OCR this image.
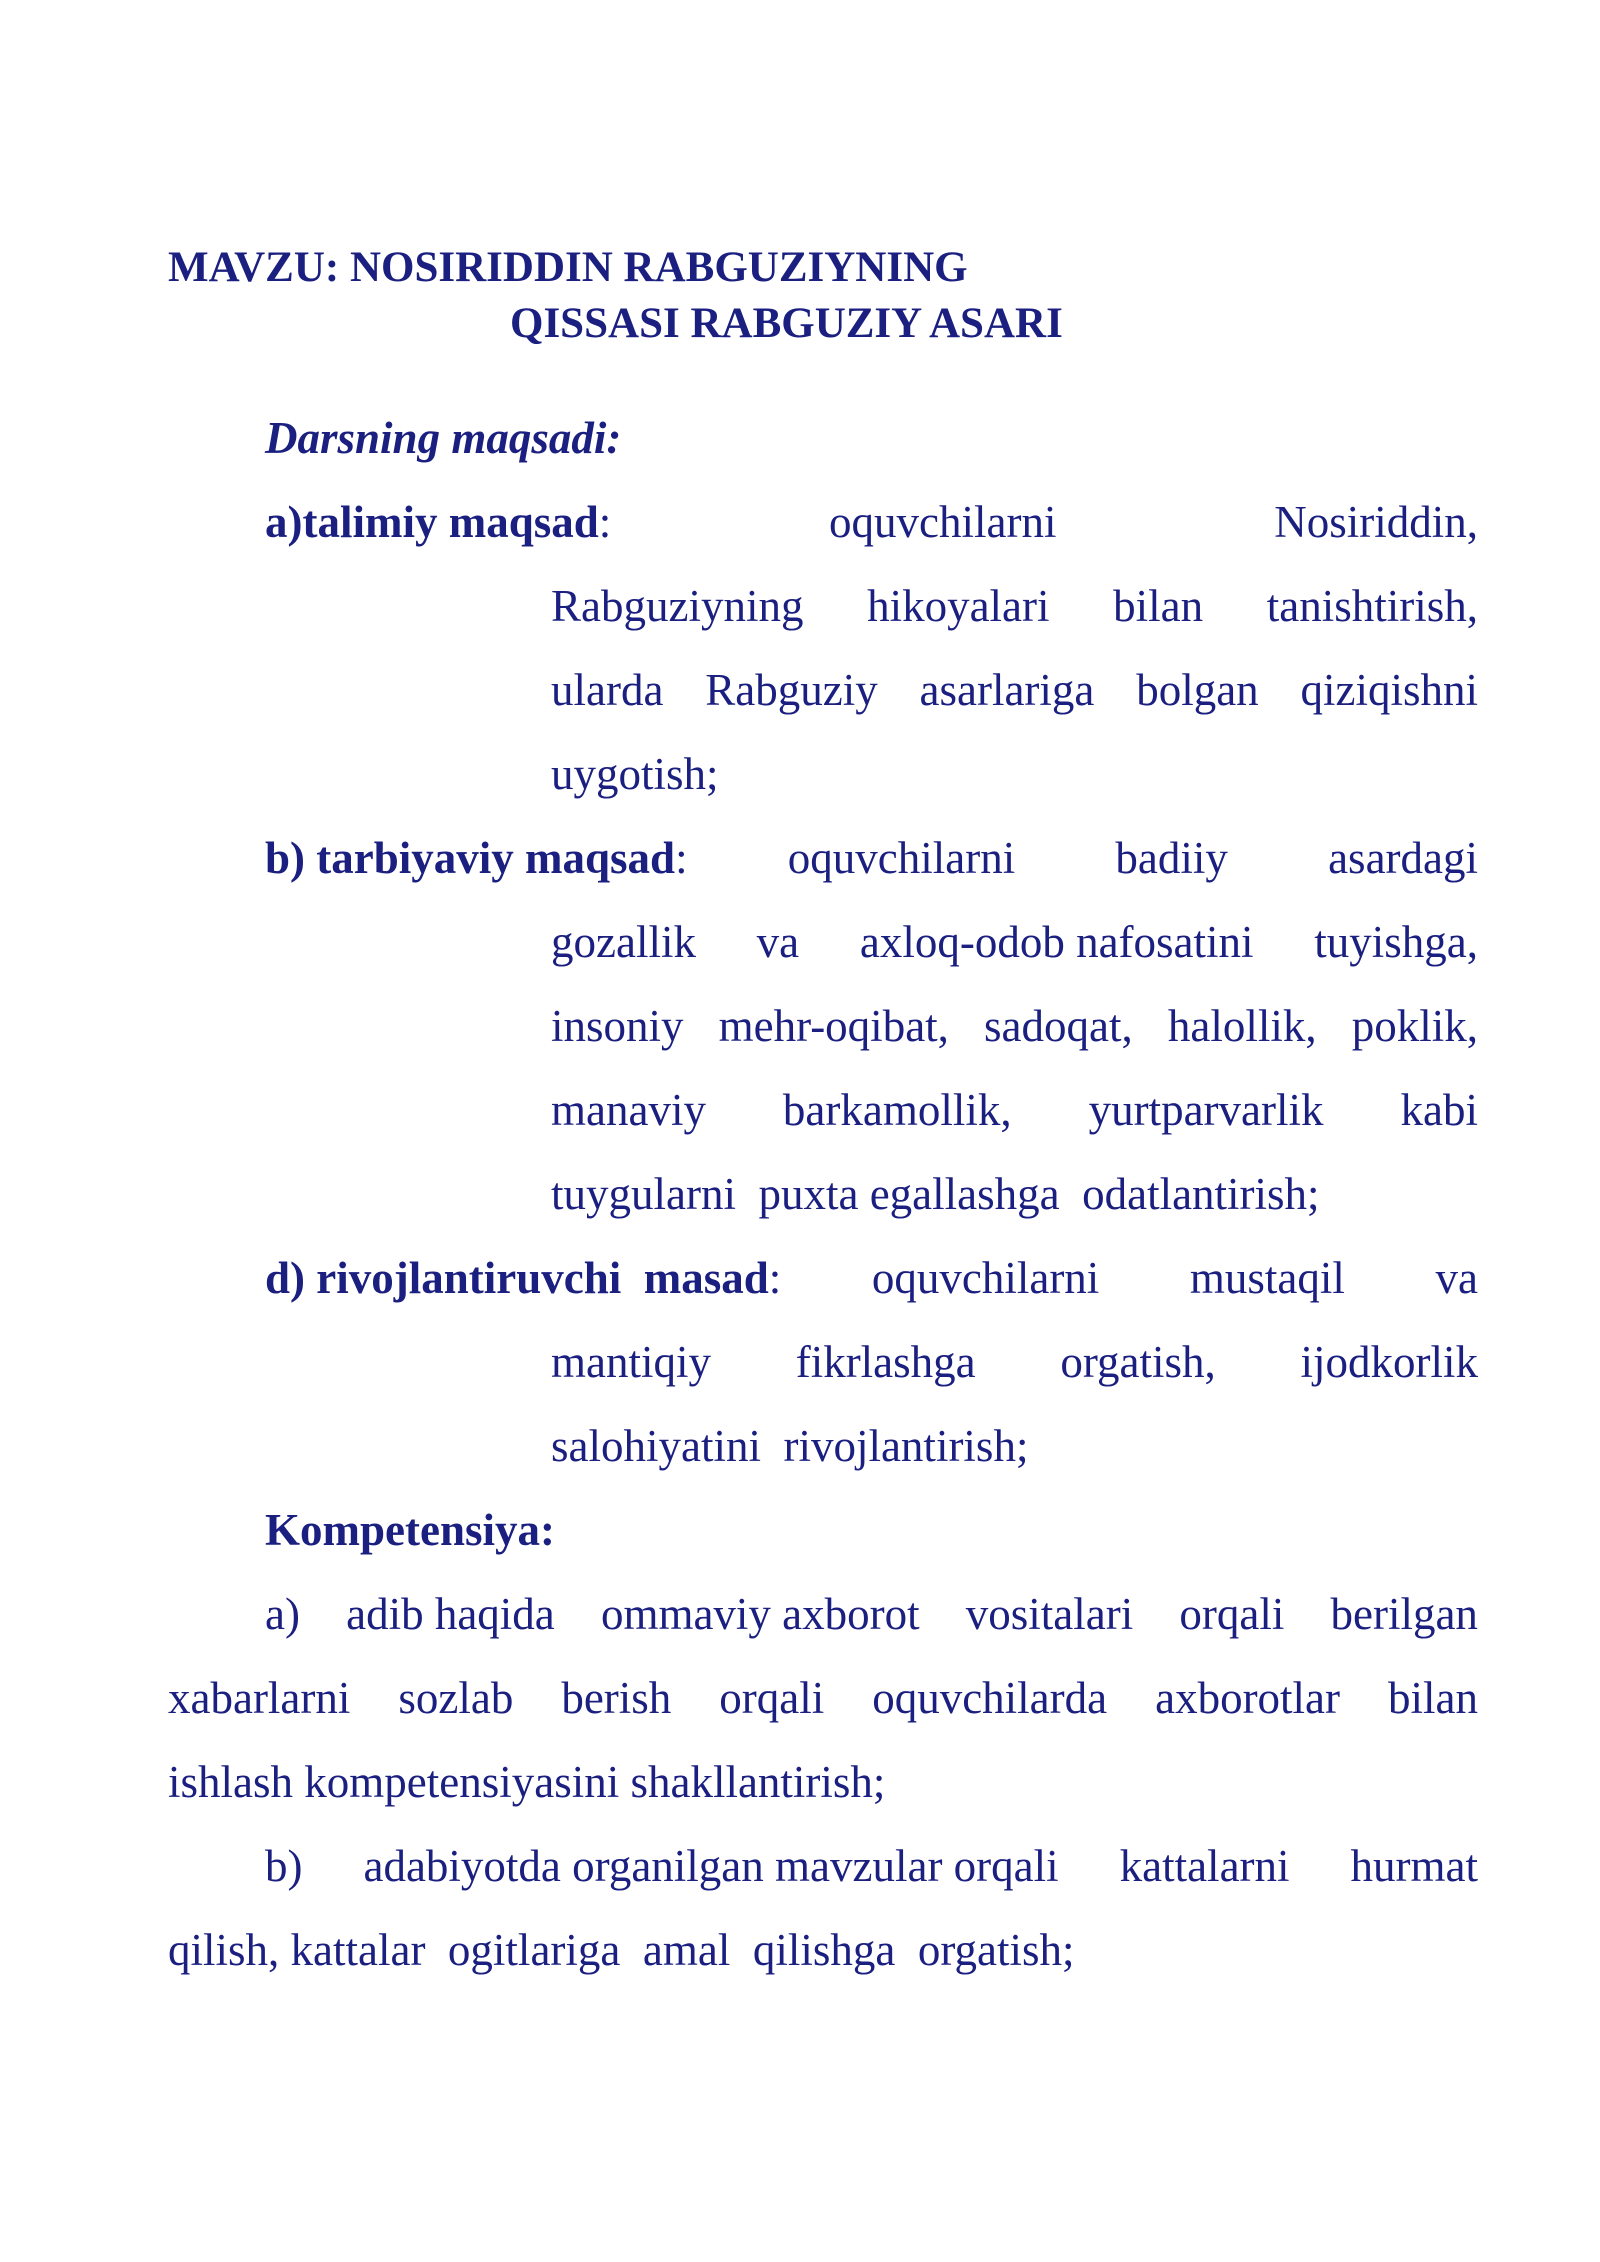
MAVZU: NOSIRIDDIN RABGUZIYNING
QISSASI RABGUZIY ASARI
Darsning maqsadi:
a)talimiy maqsad:	oquvchilarni	Nosiriddin,
Rabguziyning hikoyalari bilan tanishtirish,
ularda Rabguziy asarlariga bolgan qiziqishni
uygotish;
b) tarbiyaviy maqsad: oquvchilarni badiiy asardagi
gozallik va axloq-odob nafosatini tuyishga,
insoniy mehr-oqibat, sadoqat, halollik, poklik,
manaviy barkamollik, yurtparvarlik kabi
tuygularni  puxta egallashga  odatlantirish;
d) rivojlantiruvchi  masad: oquvchilarni mustaqil va
mantiqiy fikrlashga orgatish, ijodkorlik
salohiyatini  rivojlantirish;
Kompetensiya:
a) adib haqida ommaviy axborot vositalari orqali berilgan
xabarlarni sozlab berish orqali oquvchilarda axborotlar bilan
ishlash kompetensiyasini shakllantirish;
b) adabiyotda organilgan mavzular orqali kattalarni hurmat
qilish, kattalar  ogitlariga  amal  qilishga  orgatish;
